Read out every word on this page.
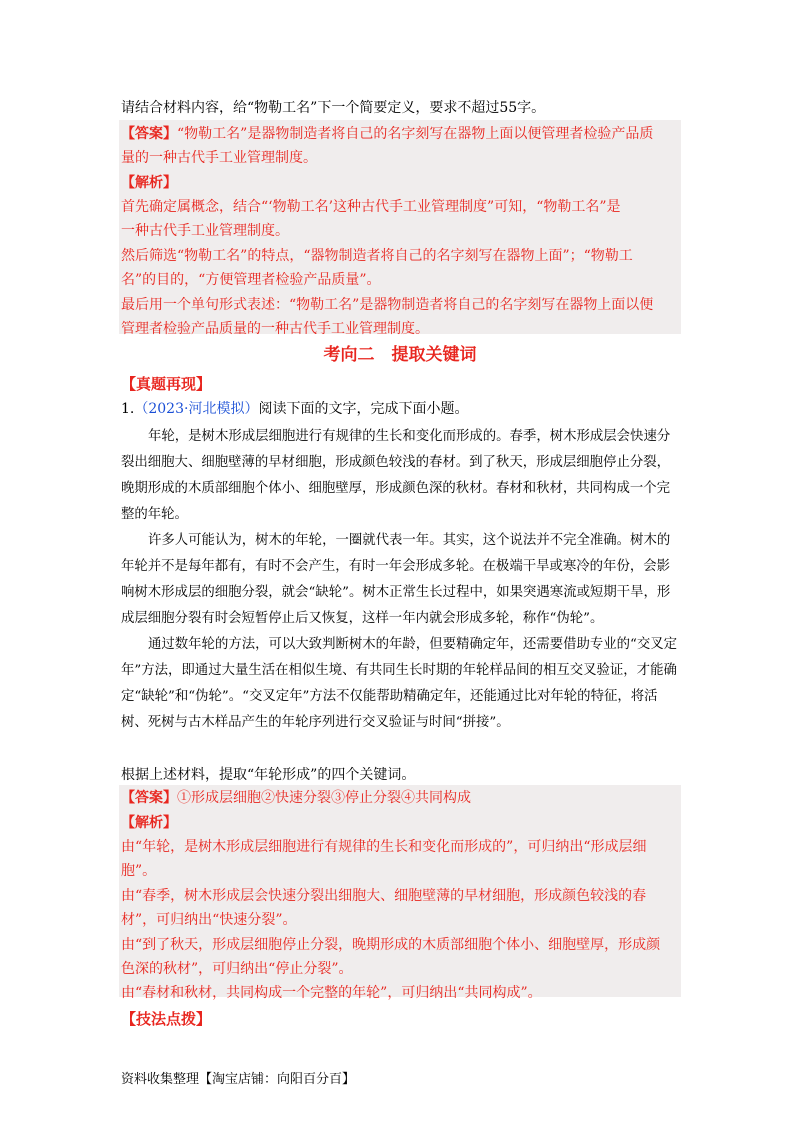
请结合材料内容，给“物勒工名”下一个简要定义，要求不超过55字。
【答案】“物勒工名”是器物制造者将自己的名字刻写在器物上面以便管理者检验产品质
量的一种古代手工业管理制度。
【解析】
首先确定属概念，结合“‘物勒工名’这种古代手工业管理制度”可知，“物勒工名”是
一种古代手工业管理制度。
然后筛选“物勒工名”的特点，“器物制造者将自己的名字刻写在器物上面”；“物勒工
名”的目的，“方便管理者检验产品质量”。
最后用一个单句形式表述：“物勒工名”是器物制造者将自己的名字刻写在器物上面以便
管理者检验产品质量的一种古代手工业管理制度。
考向二　提取关键词
【真题再现】
1.（2023·河北模拟）阅读下面的文字，完成下面小题。

年轮，是树木形成层细胞进行有规律的生长和变化而形成的。春季，树木形成层会快速分裂出细胞大、细胞壁薄的早材细胞，形成颜色较浅的春材。到了秋天，形成层细胞停止分裂，晚期形成的木质部细胞个体小、细胞壁厚，形成颜色深的秋材。春材和秋材，共同构成一个完整的年轮。

许多人可能认为，树木的年轮，一圈就代表一年。其实，这个说法并不完全准确。树木的年轮并不是每年都有，有时不会产生，有时一年会形成多轮。在极端干旱或寒冷的年份，会影响树木形成层的细胞分裂，就会“缺轮”。树木正常生长过程中，如果突遇寒流或短期干旱，形成层细胞分裂有时会短暂停止后又恢复，这样一年内就会形成多轮，称作“伪轮”。

通过数年轮的方法，可以大致判断树木的年龄，但要精确定年，还需要借助专业的“交叉定年”方法，即通过大量生活在相似生境、有共同生长时期的年轮样品间的相互交叉验证，才能确定“缺轮”和“伪轮”。“交叉定年”方法不仅能帮助精确定年，还能通过比对年轮的特征，将活树、死树与古木样品产生的年轮序列进行交叉验证与时间“拼接”。

根据上述材料，提取“年轮形成”的四个关键词。
【答案】①形成层细胞②快速分裂③停止分裂④共同构成
【解析】
由“年轮，是树木形成层细胞进行有规律的生长和变化而形成的”，可归纳出“形成层细
胞”。
由“春季，树木形成层会快速分裂出细胞大、细胞壁薄的早材细胞，形成颜色较浅的春
材”，可归纳出“快速分裂”。
由“到了秋天，形成层细胞停止分裂，晚期形成的木质部细胞个体小、细胞壁厚，形成颜
色深的秋材”，可归纳出“停止分裂”。
由“春材和秋材，共同构成一个完整的年轮”，可归纳出“共同构成”。
【技法点拨】
资料收集整理【淘宝店铺：向阳百分百】
